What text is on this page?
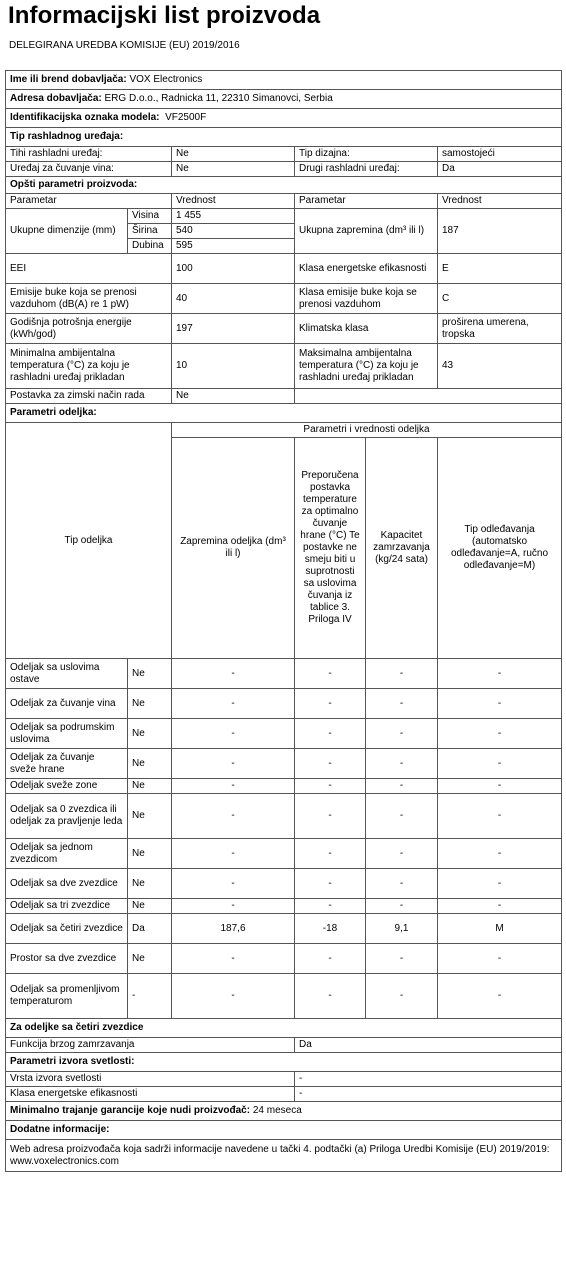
Informacijski list proizvoda
DELEGIRANA UREDBA KOMISIJE (EU) 2019/2016
Ime ili brend dobavljača: VOX Electronics					
Adresa dobavljača: ERG D.o.o., Radnicka 11, 22310 Simanovci, Serbia					
Identifikacijska oznaka modela: VF2500F					
Tip rashladnog uređaja:					
Tihi rashladni uređaj:		Ne	Tip dizajna:		samostojeći
Uređaj za čuvanje vina:		Ne	Drugi rashladni uređaj:		Da
Opšti parametri proizvoda:					
Parametar		Vrednost	Parametar		Vrednost
Ukupne dimenzije (mm)	Visina	1 455	Ukupna zapremina (dm³ ili l)		187
	Širina	540			
	Dubina	595			
EEI		100	Klasa energetske efikasnosti		E
Emisije buke koja se prenosi vazduhom (dB(A) re 1 pW)		40	Klasa emisije buke koja se prenosi vazduhom		C
Godišnja potrošnja energije (kWh/god)		197	Klimatska klasa		proširena umerena, tropska
Minimalna ambijentalna temperatura (°C) za koju je rashladni uređaj prikladan		10	Maksimalna ambijentalna temperatura (°C) za koju je rashladni uređaj prikladan		43
Postavka za zimski način rada		Ne			
Parametri odeljka:					
Tip odeljka		Parametri i vrednosti odeljka			
		Zapremina odeljka (dm³ ili l)	Preporučena postavka temperature za optimalno čuvanje hrane (°C) Te postavke ne smeju biti u suprotnosti sa uslovima čuvanja iz tablice 3. Priloga IV	Kapacitet zamrzavanja (kg/24 sata)	Tip odleđavanja (automatsko odleđavanje=A, ručno odleđavanje=M)
Odeljak sa uslovima ostave	Ne	-	-	-	-
Odeljak za čuvanje vina	Ne	-	-	-	-
Odeljak sa podrumskim uslovima	Ne	-	-	-	-
Odeljak za čuvanje sveže hrane	Ne	-	-	-	-
Odeljak sveže zone	Ne	-	-	-	-
Odeljak sa 0 zvezdica ili odeljak za pravljenje leda	Ne	-	-	-	-
Odeljak sa jednom zvezdicom	Ne	-	-	-	-
Odeljak sa dve zvezdice	Ne	-	-	-	-
Odeljak sa tri zvezdice	Ne	-	-	-	-
Odeljak sa četiri zvezdice	Da	187,6	-18	9,1	M
Prostor sa dve zvezdice	Ne	-	-	-	-
Odeljak sa promenljivom temperaturom	-	-	-	-	-
Za odeljke sa četiri zvezdice					
Funkcija brzog zamrzavanja			Da		
Parametri izvora svetlosti:					
Vrsta izvora svetlosti			-		
Klasa energetske efikasnosti			-		
Minimalno trajanje garancije koje nudi proizvođač: 24 meseca					
Dodatne informacije:					
Web adresa proizvođača koja sadrži informacije navedene u tački 4. podtački (a) Priloga Uredbi Komisije (EU) 2019/2019: www.voxelectronics.com					
